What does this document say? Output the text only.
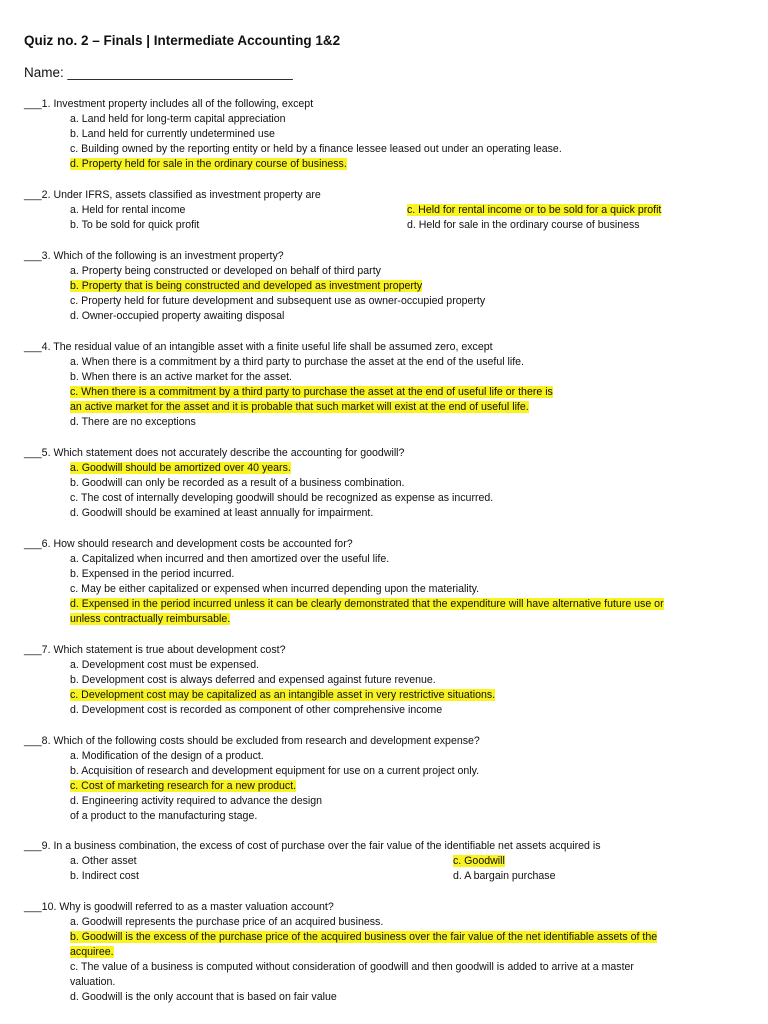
Quiz no. 2 – Finals | Intermediate Accounting 1&2
Name: ______________________________
___1. Investment property includes all of the following, except
a. Land held for long-term capital appreciation
b. Land held for currently undetermined use
c. Building owned by the reporting entity or held by a finance lessee leased out under an operating lease.
d. Property held for sale in the ordinary course of business.
___2. Under IFRS, assets classified as investment property are
a. Held for rental income
b. To be sold for quick profit
c. Held for rental income or to be sold for a quick profit
d. Held for sale in the ordinary course of business
___3. Which of the following is an investment property?
a. Property being constructed or developed on behalf of third party
b. Property that is being constructed and developed as investment property
c. Property held for future development and subsequent use as owner-occupied property
d. Owner-occupied property awaiting disposal
___4. The residual value of an intangible asset with a finite useful life shall be assumed zero, except
a. When there is a commitment by a third party to purchase the asset at the end of the useful life.
b. When there is an active market for the asset.
c. When there is a commitment by a third party to purchase the asset at the end of useful life or there is
an active market for the asset and it is probable that such market will exist at the end of useful life.
d. There are no exceptions
___5. Which statement does not accurately describe the accounting for goodwill?
a. Goodwill should be amortized over 40 years.
b. Goodwill can only be recorded as a result of a business combination.
c. The cost of internally developing goodwill should be recognized as expense as incurred.
d. Goodwill should be examined at least annually for impairment.
___6. How should research and development costs be accounted for?
a. Capitalized when incurred and then amortized over the useful life.
b. Expensed in the period incurred.
c. May be either capitalized or expensed when incurred depending upon the materiality.
d. Expensed in the period incurred unless it can be clearly demonstrated that the expenditure will have alternative future use or
unless contractually reimbursable.
___7. Which statement is true about development cost?
a. Development cost must be expensed.
b. Development cost is always deferred and expensed against future revenue.
c. Development cost may be capitalized as an intangible asset in very restrictive situations.
d. Development cost is recorded as component of other comprehensive income
___8. Which of the following costs should be excluded from research and development expense?
a. Modification of the design of a product.
b. Acquisition of research and development equipment for use on a current project only.
c. Cost of marketing research for a new product.
d. Engineering activity required to advance the design
of a product to the manufacturing stage.
___9. In a business combination, the excess of cost of purchase over the fair value of the identifiable net assets acquired is
a. Other asset
b. Indirect cost
c. Goodwill
d. A bargain purchase
___10. Why is goodwill referred to as a master valuation account?
a. Goodwill represents the purchase price of an acquired business.
b. Goodwill is the excess of the purchase price of the acquired business over the fair value of the net identifiable assets of the
acquiree.
c. The value of a business is computed without consideration of goodwill and then goodwill is added to arrive at a master
valuation.
d. Goodwill is the only account that is based on fair value
